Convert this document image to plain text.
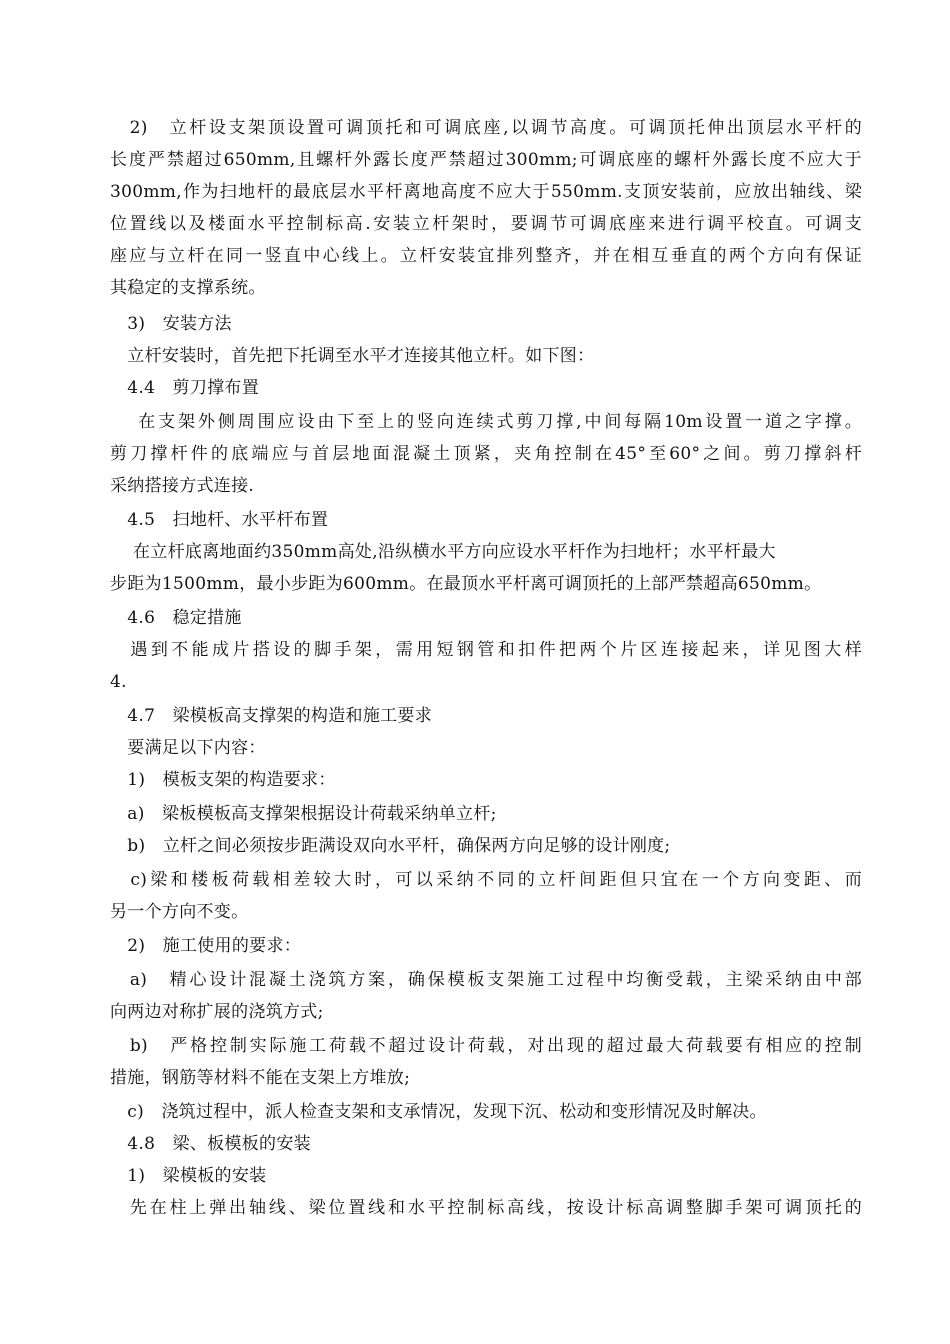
　2)　立杆设支架顶设置可调顶托和可调底座,以调节高度。可调顶托伸出顶层水平杆的
长度严禁超过650mm,且螺杆外露长度严禁超过300mm;可调底座的螺杆外露长度不应大于
300mm,作为扫地杆的最底层水平杆离地高度不应大于550mm.支顶安装前，应放出轴线、梁
位置线以及楼面水平控制标高.安装立杆架时，要调节可调底座来进行调平校直。可调支
座应与立杆在同一竖直中心线上。立杆安装宜排列整齐，并在相互垂直的两个方向有保证
其稳定的支撑系统。
　3)　安装方法
　立杆安装时，首先把下托调至水平才连接其他立杆。如下图：
　4.4　剪刀撑布置
　 在支架外侧周围应设由下至上的竖向连续式剪刀撑,中间每隔10m设置一道之字撑。
剪刀撑杆件的底端应与首层地面混凝土顶紧，夹角控制在45°至60°之间。剪刀撑斜杆
采纳搭接方式连接.
　4.5　扫地杆、水平杆布置
　 在立杆底离地面约350mm高处,沿纵横水平方向应设水平杆作为扫地杆；水平杆最大
步距为1500mm，最小步距为600mm。在最顶水平杆离可调顶托的上部严禁超高650mm。
　4.6　稳定措施
　遇到不能成片搭设的脚手架，需用短钢管和扣件把两个片区连接起来，详见图大样
4.
　4.7　梁模板高支撑架的构造和施工要求
　要满足以下内容：
　1)　模板支架的构造要求：
　a)　梁板模板高支撑架根据设计荷载采纳单立杆;
　b)　立杆之间必须按步距满设双向水平杆，确保两方向足够的设计刚度;
　c)梁和楼板荷载相差较大时，可以采纳不同的立杆间距但只宜在一个方向变距、而
另一个方向不变。
　2)　施工使用的要求：
　a)　精心设计混凝土浇筑方案，确保模板支架施工过程中均衡受载，主梁采纳由中部
向两边对称扩展的浇筑方式;
　b)　严格控制实际施工荷载不超过设计荷载，对出现的超过最大荷载要有相应的控制
措施，钢筋等材料不能在支架上方堆放;
　c)　浇筑过程中，派人检查支架和支承情况，发现下沉、松动和变形情况及时解决。
　4.8　梁、板模板的安装
　1)　梁模板的安装
　先在柱上弹出轴线、梁位置线和水平控制标高线，按设计标高调整脚手架可调顶托的
